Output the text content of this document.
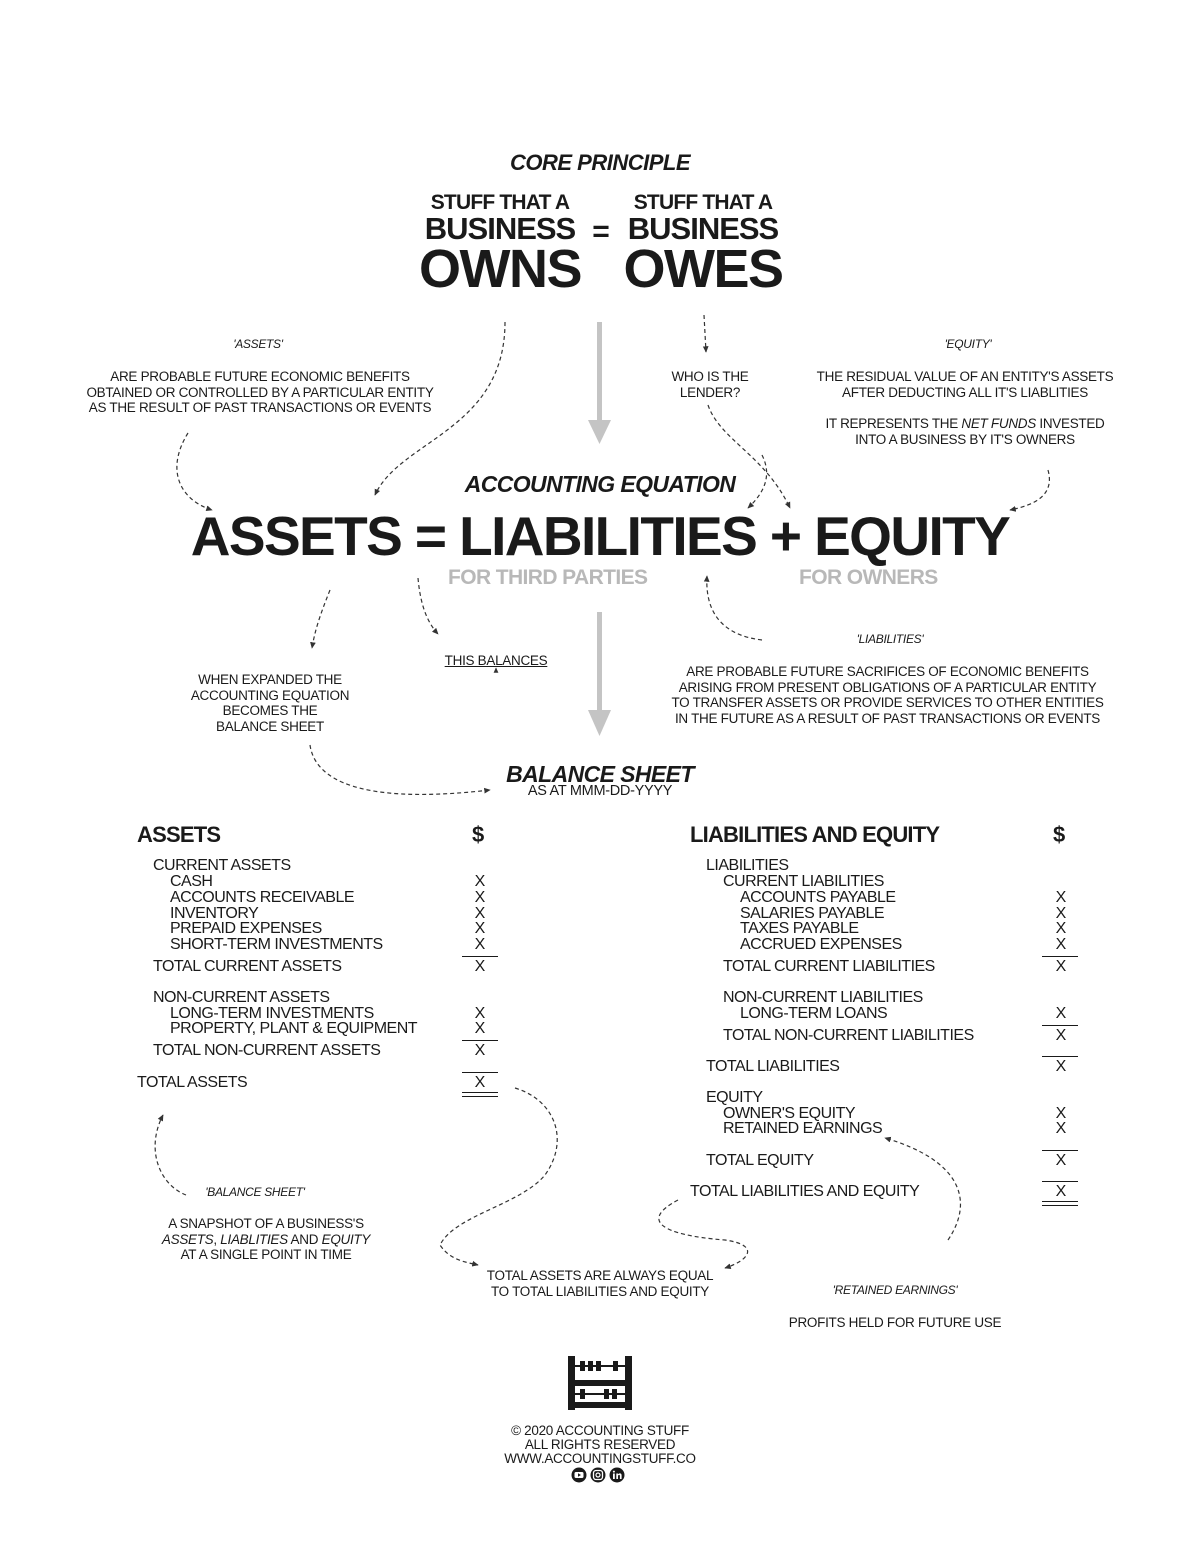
CORE PRINCIPLE
STUFF THAT A
BUSINESS
OWNS
=
STUFF THAT A
BUSINESS
OWES
'ASSETS'
ARE PROBABLE FUTURE ECONOMIC BENEFITS
OBTAINED OR CONTROLLED BY A PARTICULAR ENTITY
AS THE RESULT OF PAST TRANSACTIONS OR EVENTS
WHO IS THE
LENDER?
'EQUITY'
THE RESIDUAL VALUE OF AN ENTITY'S ASSETS
AFTER DEDUCTING ALL IT'S LIABLITIES
IT REPRESENTS THE NET FUNDS INVESTED
INTO A BUSINESS BY IT'S OWNERS
ACCOUNTING EQUATION
ASSETS = LIABILITIES + EQUITY
FOR THIRD PARTIES	FOR OWNERS
WHEN EXPANDED THE
ACCOUNTING EQUATION
BECOMES THE
BALANCE SHEET
THIS BALANCES
'LIABILITIES'
ARE PROBABLE FUTURE SACRIFICES OF ECONOMIC BENEFITS
ARISING FROM PRESENT OBLIGATIONS OF A PARTICULAR ENTITY
TO TRANSFER ASSETS OR PROVIDE SERVICES TO OTHER ENTITIES
IN THE FUTURE AS A RESULT OF PAST TRANSACTIONS OR EVENTS
BALANCE SHEET
AS AT MMM-DD-YYYY
ASSETS	$	LIABILITIES AND EQUITY	$
CURRENT ASSETS
CASH	X
ACCOUNTS RECEIVABLE	X
INVENTORY	X
PREPAID EXPENSES	X
SHORT-TERM INVESTMENTS	X
TOTAL CURRENT ASSETS	X
NON-CURRENT ASSETS
LONG-TERM INVESTMENTS	X
PROPERTY, PLANT & EQUIPMENT	X
TOTAL NON-CURRENT ASSETS	X
TOTAL ASSETS	X
LIABILITIES
CURRENT LIABILITIES
ACCOUNTS PAYABLE	X
SALARIES PAYABLE	X
TAXES PAYABLE	X
ACCRUED EXPENSES	X
TOTAL CURRENT LIABILITIES	X
NON-CURRENT LIABILITIES
LONG-TERM LOANS	X
TOTAL NON-CURRENT LIABILITIES	X
TOTAL LIABILITIES	X
EQUITY
OWNER'S EQUITY	X
RETAINED EARNINGS	X
TOTAL EQUITY	X
TOTAL LIABILITIES AND EQUITY	X
'BALANCE SHEET'
A SNAPSHOT OF A BUSINESS'S
ASSETS, LIABLITIES AND EQUITY
AT A SINGLE POINT IN TIME
TOTAL ASSETS ARE ALWAYS EQUAL
TO TOTAL LIABILITIES AND EQUITY	'RETAINED EARNINGS'
PROFITS HELD FOR FUTURE USE
© 2020 ACCOUNTING STUFF
ALL RIGHTS RESERVED
WWW.ACCOUNTINGSTUFF.CO
